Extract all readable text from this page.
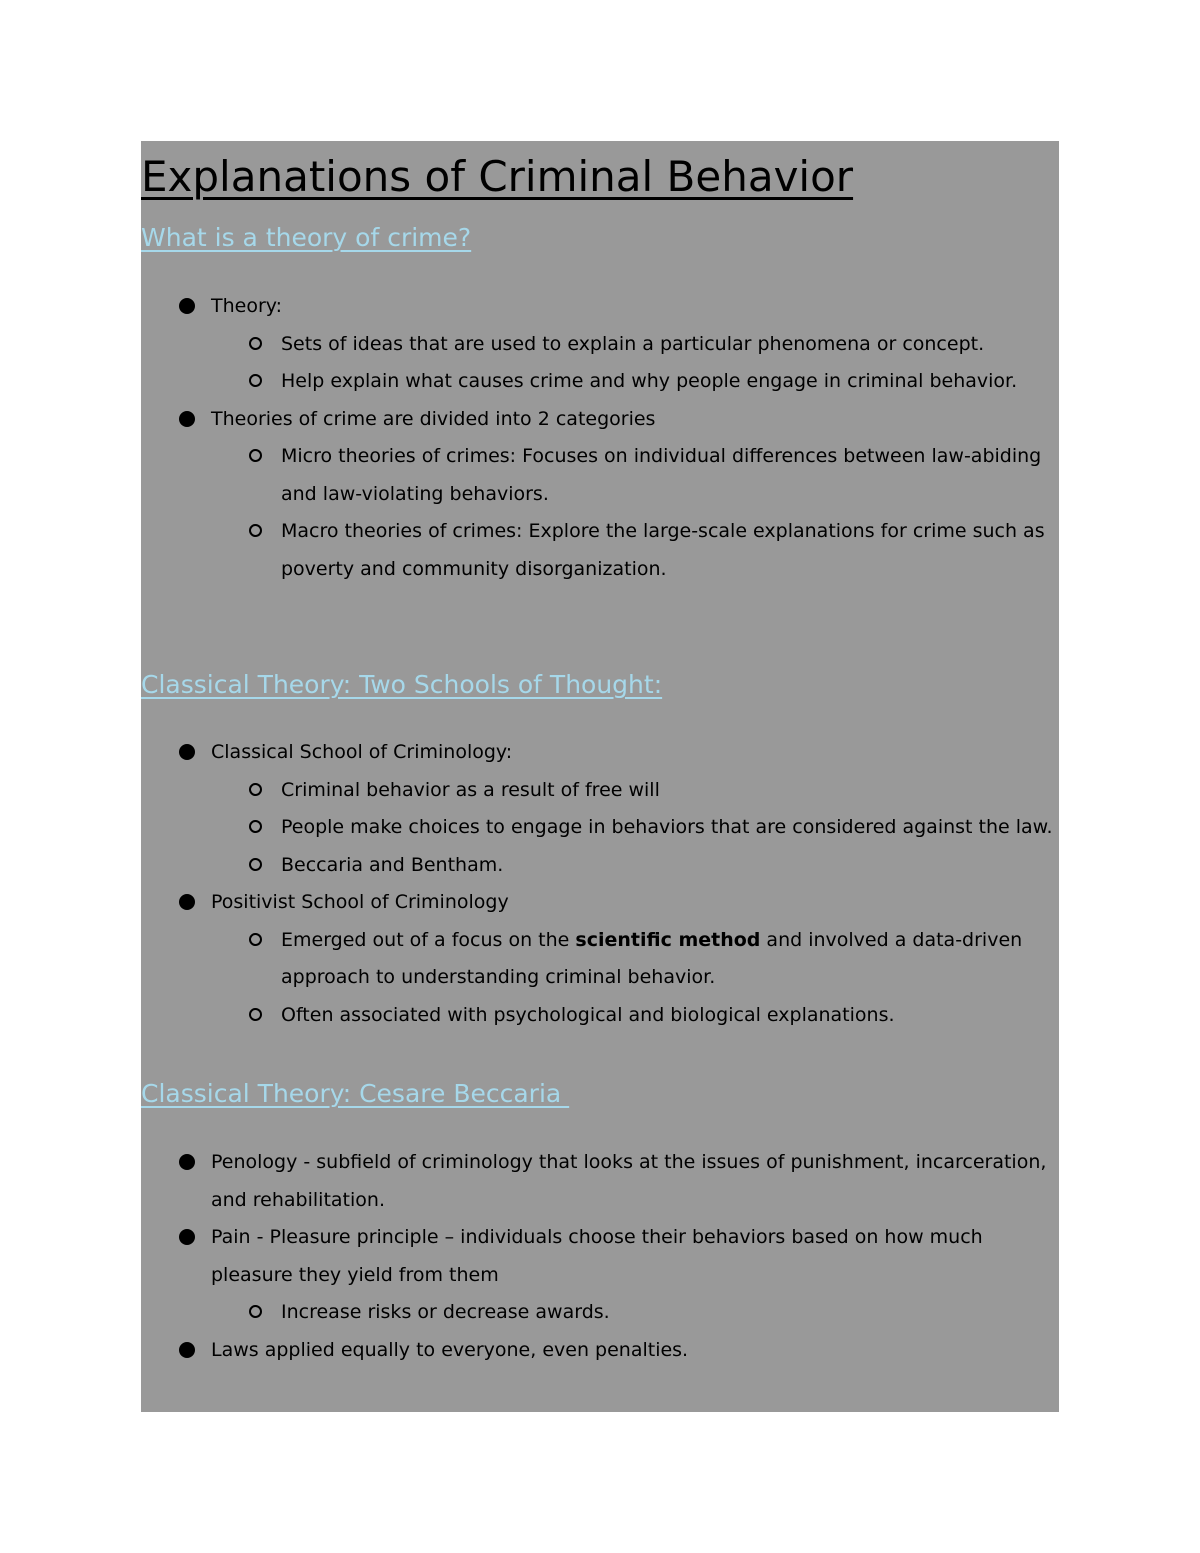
Explanations of Criminal Behavior
What is a theory of crime?
Theory:
Sets of ideas that are used to explain a particular phenomena or concept.
Help explain what causes crime and why people engage in criminal behavior.
Theories of crime are divided into 2 categories
Micro theories of crimes: Focuses on individual differences between law-abiding and law-violating behaviors.
Macro theories of crimes: Explore the large-scale explanations for crime such as poverty and community disorganization.
Classical Theory: Two Schools of Thought:
Classical School of Criminology:
Criminal behavior as a result of free will
People make choices to engage in behaviors that are considered against the law.
Beccaria and Bentham.
Positivist School of Criminology
Emerged out of a focus on the scientific method and involved a data-driven approach to understanding criminal behavior.
Often associated with psychological and biological explanations.
Classical Theory: Cesare Beccaria
Penology - subfield of criminology that looks at the issues of punishment, incarceration, and rehabilitation.
Pain - Pleasure principle – individuals choose their behaviors based on how much pleasure they yield from them
Increase risks or decrease awards.
Laws applied equally to everyone, even penalties.
